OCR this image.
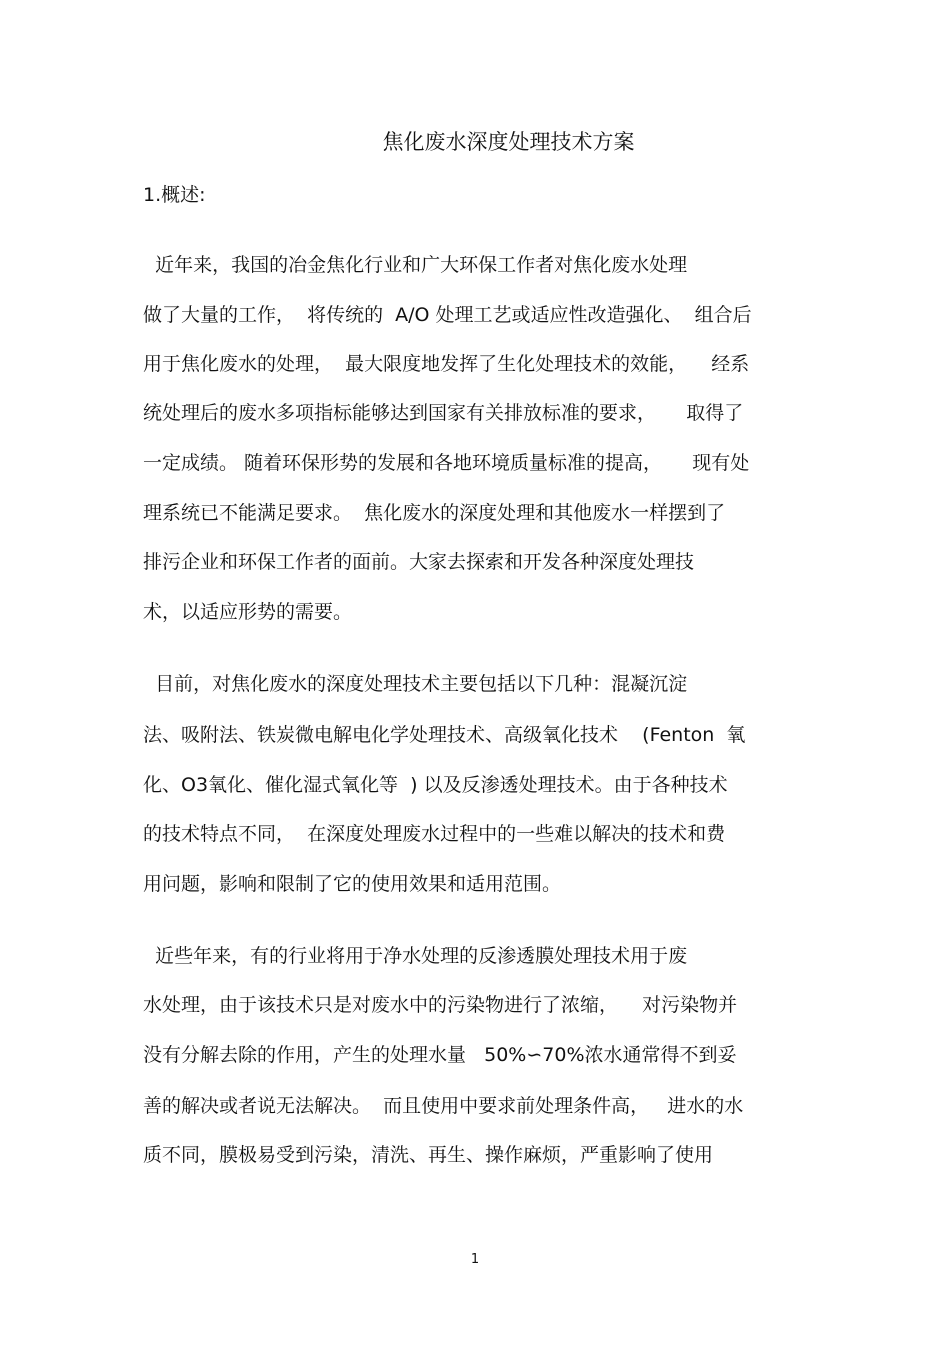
焦化废水深度处理技术方案
1.概述:
近年来，我国的冶金焦化行业和广大环保工作者对焦化废水处理
做了大量的工作，  将传统的  A/O 处理工艺或适应性改造强化、  组合后
用于焦化废水的处理，  最大限度地发挥了生化处理技术的效能，    经系
统处理后的废水多项指标能够达到国家有关排放标准的要求，     取得了
一定成绩。 随着环保形势的发展和各地环境质量标准的提高，     现有处
理系统已不能满足要求。  焦化废水的深度处理和其他废水一样摆到了
排污企业和环保工作者的面前。大家去探索和开发各种深度处理技
术，以适应形势的需要。
目前，对焦化废水的深度处理技术主要包括以下几种：混凝沉淀
法、吸附法、铁炭微电解电化学处理技术、高级氧化技术    (Fenton  氧
化、O3氧化、催化湿式氧化等  ) 以及反渗透处理技术。由于各种技术
的技术特点不同，  在深度处理废水过程中的一些难以解决的技术和费
用问题，影响和限制了它的使用效果和适用范围。
近些年来，有的行业将用于净水处理的反渗透膜处理技术用于废
水处理，由于该技术只是对废水中的污染物进行了浓缩，    对污染物并
没有分解去除的作用，产生的处理水量   50%∽70%浓水通常得不到妥
善的解决或者说无法解决。  而且使用中要求前处理条件高，   进水的水
质不同，膜极易受到污染，清洗、再生、操作麻烦，严重影响了使用
1
